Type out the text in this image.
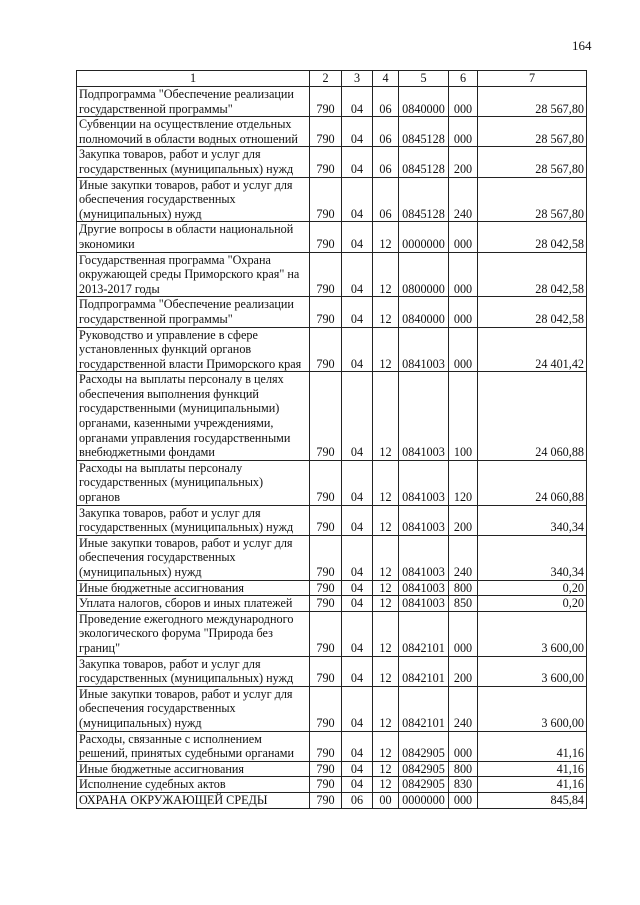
164
1	2	3	4	5	6	7
Подпрограмма "Обеспечение реализации государственной программы"	790	04	06	0840000	000	28 567,80
Субвенции на осуществление отдельных полномочий в области водных отношений	790	04	06	0845128	000	28 567,80
Закупка товаров, работ и услуг для государственных (муниципальных) нужд	790	04	06	0845128	200	28 567,80
Иные закупки товаров, работ и услуг для обеспечения государственных (муниципальных) нужд	790	04	06	0845128	240	28 567,80
Другие вопросы в области национальной экономики	790	04	12	0000000	000	28 042,58
Государственная программа "Охрана окружающей среды Приморского края" на 2013-2017 годы	790	04	12	0800000	000	28 042,58
Подпрограмма "Обеспечение реализации государственной программы"	790	04	12	0840000	000	28 042,58
Руководство и управление в сфере установленных функций органов государственной власти Приморского края	790	04	12	0841003	000	24 401,42
Расходы на выплаты персоналу в целях обеспечения выполнения функций государственными (муниципальными) органами, казенными учреждениями, органами управления государственными внебюджетными фондами	790	04	12	0841003	100	24 060,88
Расходы на выплаты персоналу государственных (муниципальных) органов	790	04	12	0841003	120	24 060,88
Закупка товаров, работ и услуг для государственных (муниципальных) нужд	790	04	12	0841003	200	340,34
Иные закупки товаров, работ и услуг для обеспечения государственных (муниципальных) нужд	790	04	12	0841003	240	340,34
Иные бюджетные ассигнования	790	04	12	0841003	800	0,20
Уплата налогов, сборов и иных платежей	790	04	12	0841003	850	0,20
Проведение ежегодного международного экологического форума "Природа без границ"	790	04	12	0842101	000	3 600,00
Закупка товаров, работ и услуг для государственных (муниципальных) нужд	790	04	12	0842101	200	3 600,00
Иные закупки товаров, работ и услуг для обеспечения государственных (муниципальных) нужд	790	04	12	0842101	240	3 600,00
Расходы, связанные с исполнением решений, принятых судебными органами	790	04	12	0842905	000	41,16
Иные бюджетные ассигнования	790	04	12	0842905	800	41,16
Исполнение судебных актов	790	04	12	0842905	830	41,16
ОХРАНА ОКРУЖАЮЩЕЙ СРЕДЫ	790	06	00	0000000	000	845,84
